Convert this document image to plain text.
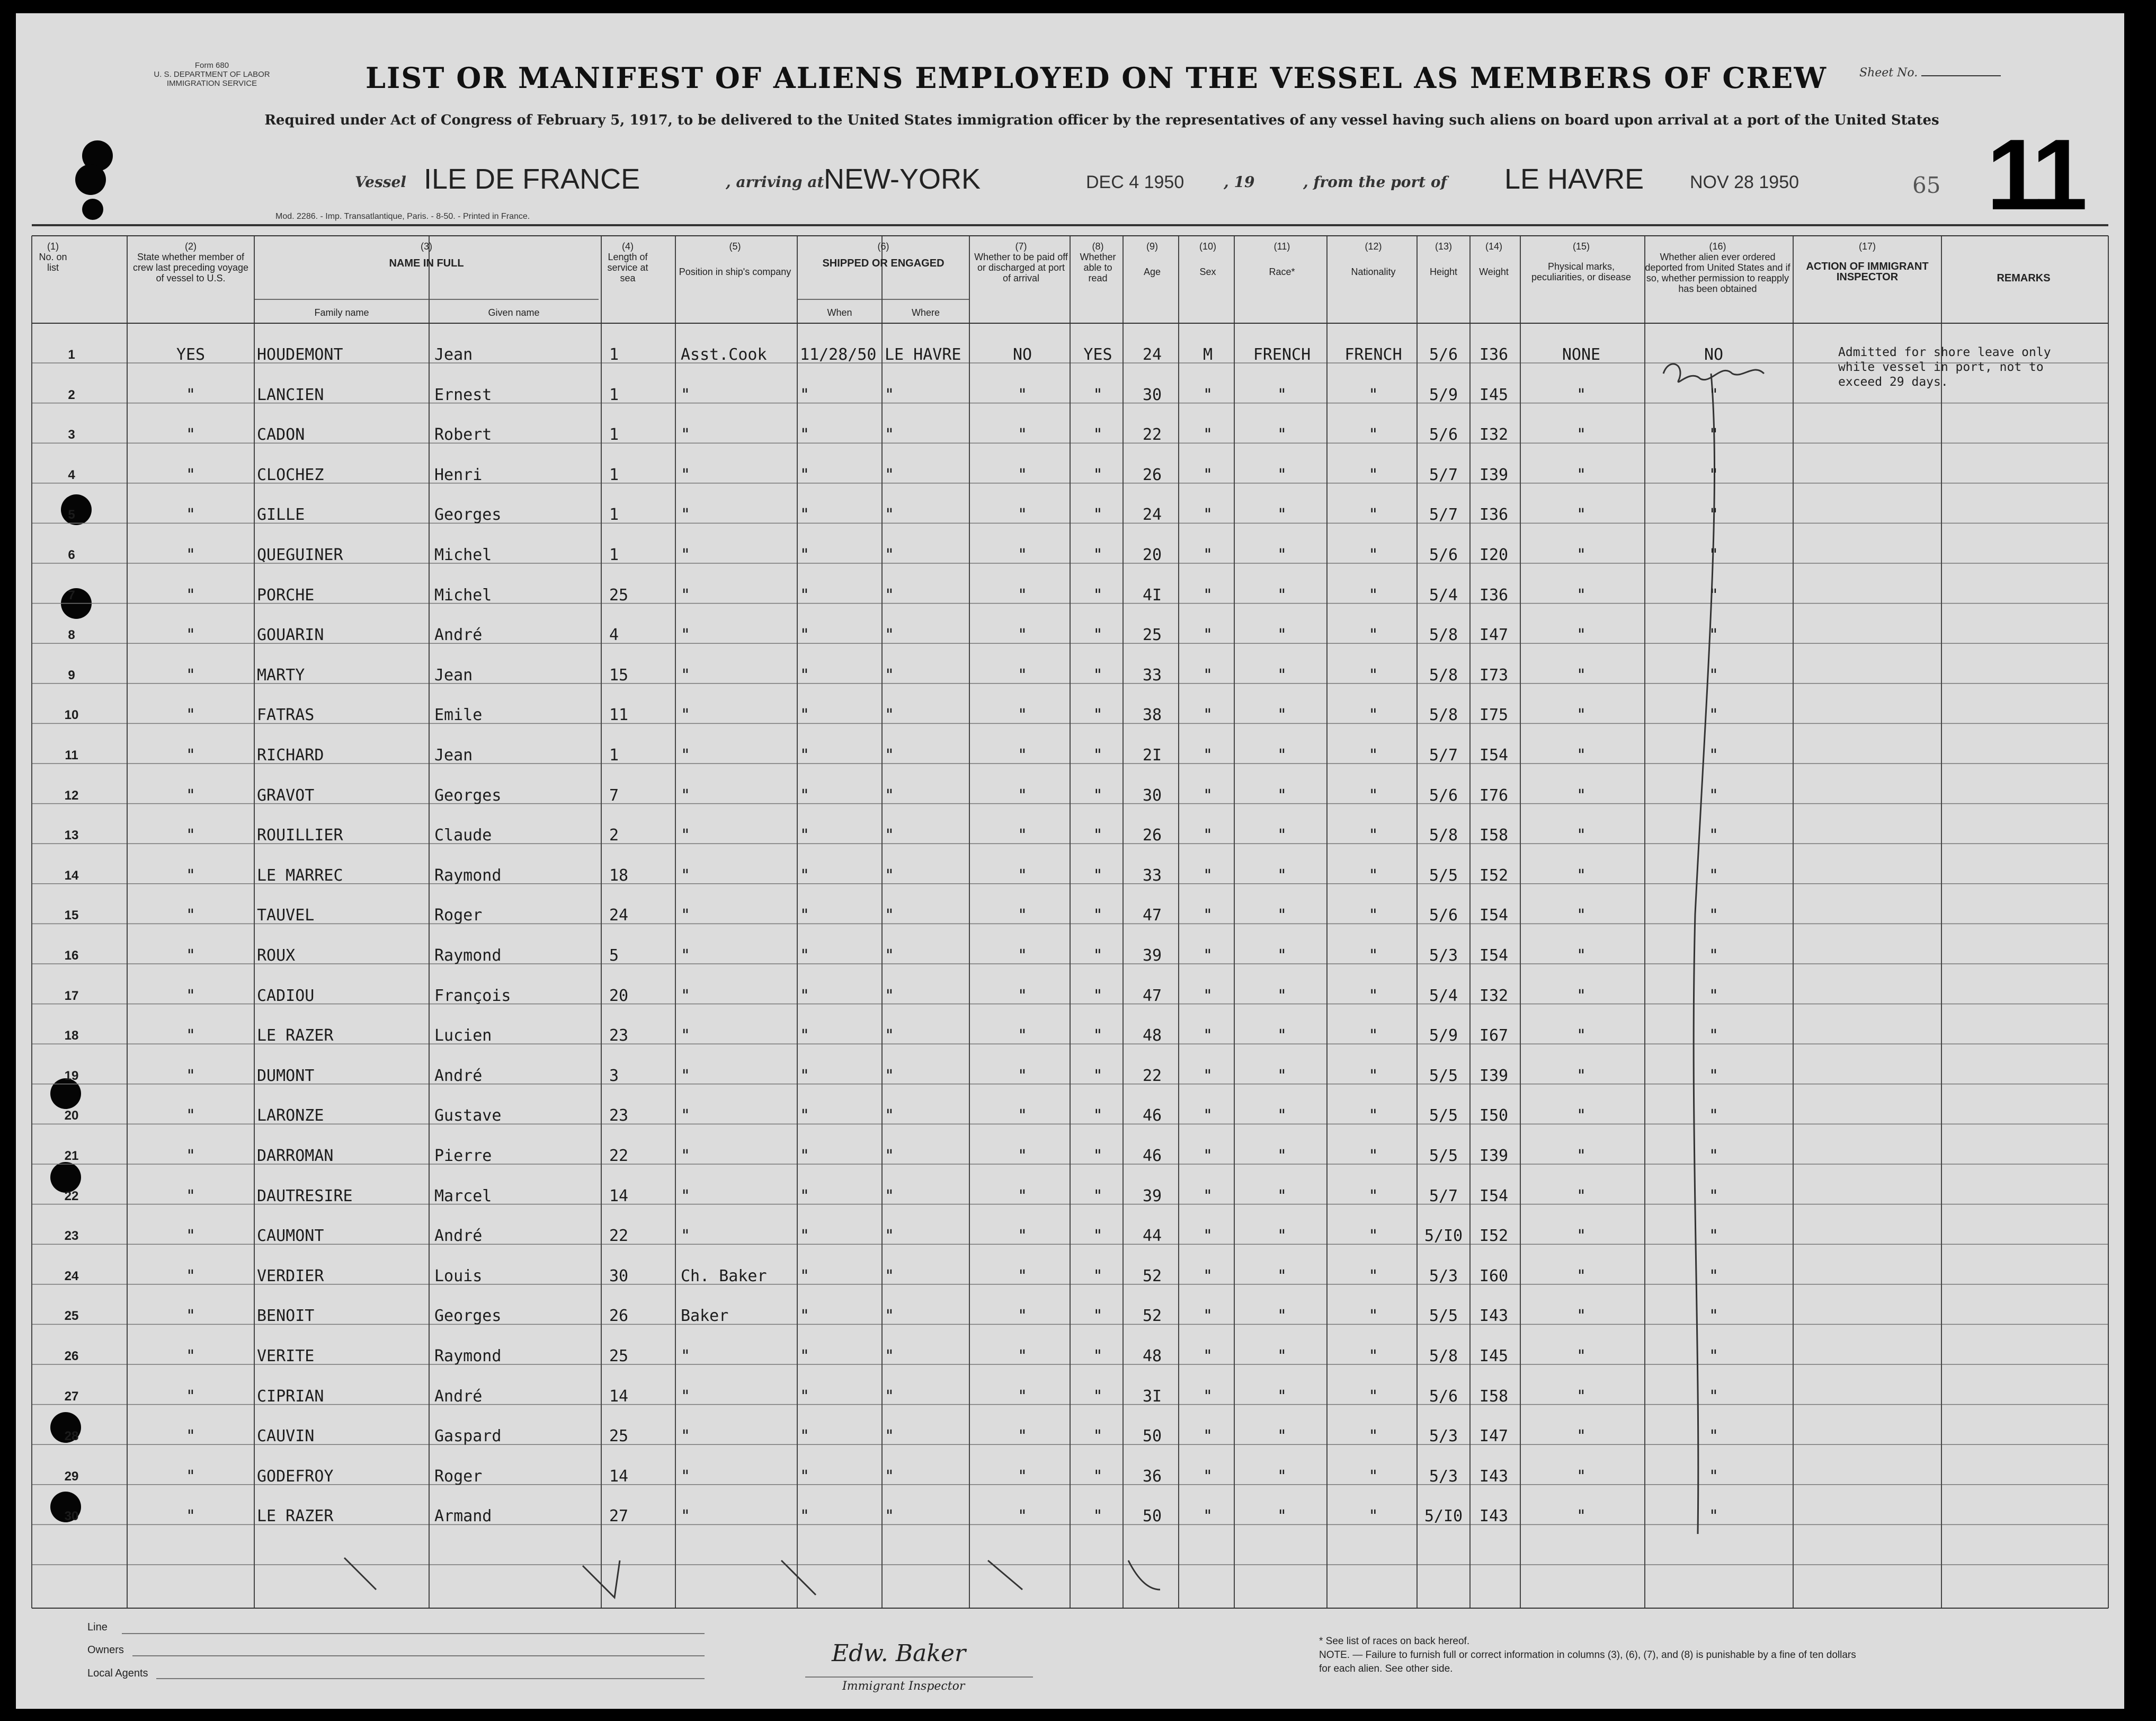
Form 680
U. S. DEPARTMENT OF LABOR
IMMIGRATION SERVICE	LIST OR MANIFEST OF ALIENS EMPLOYED ON THE VESSEL AS MEMBERS OF CREW	Sheet No.
Required under Act of Congress of February 5, 1917, to be delivered to the United States immigration officer by the representatives of any vessel having such aliens on board upon arrival at a port of the United States
Vessel ILE DE FRANCE	, arriving at NEW-YORK	DEC 4 1950	, 19	, from the port of LE HAVRE	NOV 28 1950	65 11
Mod. 2286. - Imp. Transatlantique, Paris. - 8-50. - Printed in France.
(1)
No. on list
(2)
State whether member of crew last preceding voyage of vessel to U.S.
(3)
NAME IN FULL
Family name	Given name
(4)
Length of service at sea
(5)
Position in ship's company
(6)
SHIPPED OR ENGAGED
When	Where
(7)
Whether to be paid off or discharged at port of arrival
(8)
Whether able to read
(9)
Age
(10)
Sex
(11)
Race*
(12)
Nationality
(13)
Height
(14)
Weight
(15)
Physical marks, peculiarities, or disease
(16)
Whether alien ever ordered deported from United States and if so, whether permission to reapply has been obtained
(17)
ACTION OF IMMIGRANT INSPECTOR	REMARKS
1	YES	HOUDEMONT	Jean	1	Asst.Cook	11/28/50 LE HAVRE	NO	YES	24	M	FRENCH	FRENCH	5/6	I36	NONE	NO
2	"	LANCIEN	Ernest	1	"	"	"	"	"	30	"	"	"	5/9	I45	"	"
3	"	CADON	Robert	1	"	"	"	"	"	22	"	"	"	5/6	I32	"	"
4	"	CLOCHEZ	Henri	1	"	"	"	"	"	26	"	"	"	5/7	I39	"	"
5	"	GILLE	Georges	1	"	"	"	"	"	24	"	"	"	5/7	I36	"	"
6	"	QUEGUINER	Michel	1	"	"	"	"	"	20	"	"	"	5/6	I20	"	"
7	"	PORCHE	Michel	25	"	"	"	"	"	4I	"	"	"	5/4	I36	"	"
8	"	GOUARIN	André	4	"	"	"	"	"	25	"	"	"	5/8	I47	"	"
9	"	MARTY	Jean	15	"	"	"	"	"	33	"	"	"	5/8	I73	"	"
10	"	FATRAS	Emile	11	"	"	"	"	"	38	"	"	"	5/8	I75	"	"
11	"	RICHARD	Jean	1	"	"	"	"	"	2I	"	"	"	5/7	I54	"	"
12	"	GRAVOT	Georges	7	"	"	"	"	"	30	"	"	"	5/6	I76	"	"
13	"	ROUILLIER	Claude	2	"	"	"	"	"	26	"	"	"	5/8	I58	"	"
14	"	LE MARREC	Raymond	18	"	"	"	"	"	33	"	"	"	5/5	I52	"	"
15	"	TAUVEL	Roger	24	"	"	"	"	"	47	"	"	"	5/6	I54	"	"
16	"	ROUX	Raymond	5	"	"	"	"	"	39	"	"	"	5/3	I54	"	"
17	"	CADIOU	François	20	"	"	"	"	"	47	"	"	"	5/4	I32	"	"
18	"	LE RAZER	Lucien	23	"	"	"	"	"	48	"	"	"	5/9	I67	"	"
19	"	DUMONT	André	3	"	"	"	"	"	22	"	"	"	5/5	I39	"	"
20	"	LARONZE	Gustave	23	"	"	"	"	"	46	"	"	"	5/5	I50	"	"
21	"	DARROMAN	Pierre	22	"	"	"	"	"	46	"	"	"	5/5	I39	"	"
22	"	DAUTRESIRE	Marcel	14	"	"	"	"	"	39	"	"	"	5/7	I54	"	"
23	"	CAUMONT	André	22	"	"	"	"	"	44	"	"	"	5/I0	I52	"	"
24	"	VERDIER	Louis	30	Ch. Baker	"	"	"	"	52	"	"	"	5/3	I60	"	"
25	"	BENOIT	Georges	26	Baker	"	"	"	"	52	"	"	"	5/5	I43	"	"
26	"	VERITE	Raymond	25	"	"	"	"	"	48	"	"	"	5/8	I45	"	"
27	"	CIPRIAN	André	14	"	"	"	"	"	3I	"	"	"	5/6	I58	"	"
28	"	CAUVIN	Gaspard	25	"	"	"	"	"	50	"	"	"	5/3	I47	"	"
29	"	GODEFROY	Roger	14	"	"	"	"	"	36	"	"	"	5/3	I43	"	"
30	"	LE RAZER	Armand	27	"	"	"	"	"	50	"	"	"	5/I0	I43	"	"
Admitted for shore leave only
while vessel in port, not to
exceed 29 days.
Line
Owners
Local Agents
Edw. Baker
Immigrant Inspector
* See list of races on back hereof.
NOTE. — Failure to furnish full or correct information in columns (3), (6), (7), and (8) is punishable by a fine of ten dollars for each alien. See other side.
